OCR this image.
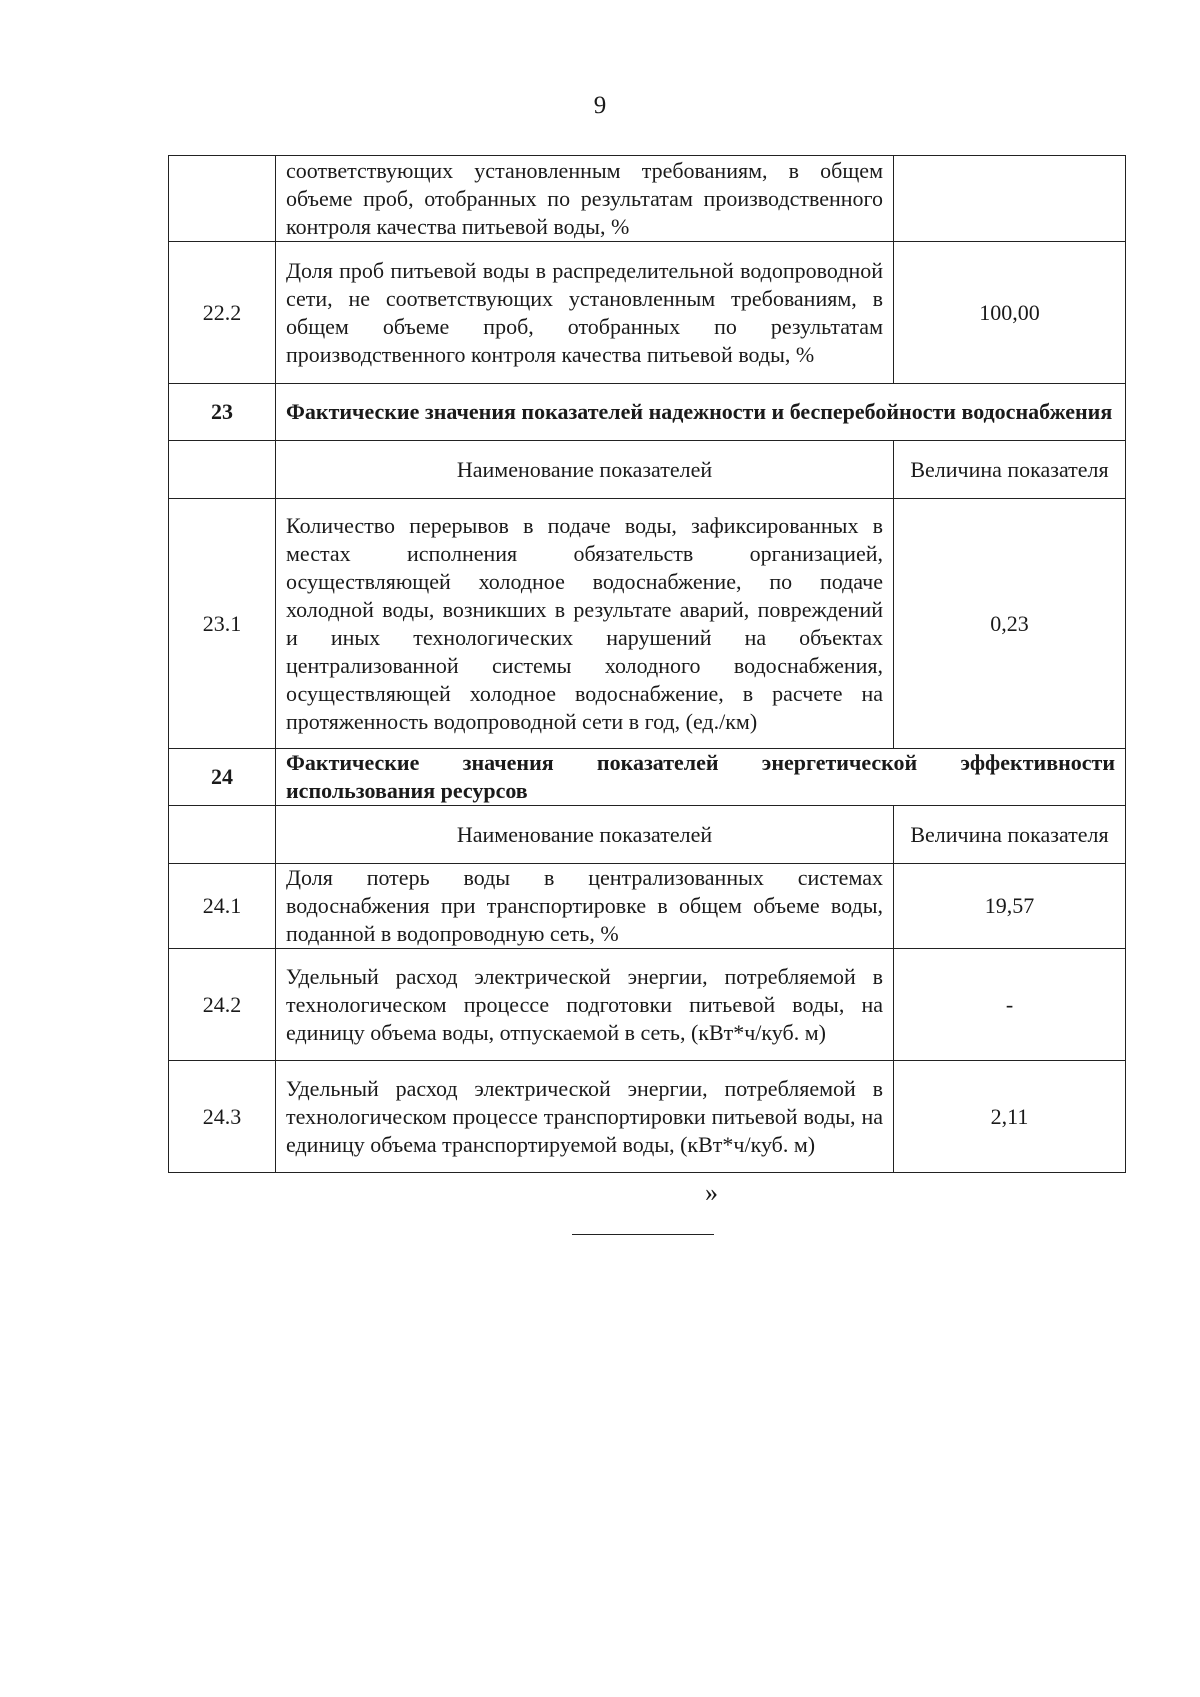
9
	соответствующих установленным требованиям, в общем объеме проб, отобранных по результатам производственного контроля качества питьевой воды, %	
22.2	Доля проб питьевой воды в распределительной водопроводной сети, не соответствующих установленным требованиям, в общем объеме проб, отобранных по результатам производственного контроля качества питьевой воды, %	100,00
23	Фактические значения показателей надежности и бесперебойности водоснабжения	
	Наименование показателей	Величина показателя
23.1	Количество перерывов в подаче воды, зафиксированных в местах исполнения обязательств организацией, осуществляющей холодное водоснабжение, по подаче холодной воды, возникших в результате аварий, повреждений и иных технологических нарушений на объектах централизованной системы холодного водоснабжения, осуществляющей холодное водоснабжение, в расчете на протяженность водопроводной сети в год, (ед./км)	0,23
24	Фактические значения показателей энергетической эффективности использования ресурсов	
	Наименование показателей	Величина показателя
24.1	Доля потерь воды в централизованных системах водоснабжения при транспортировке в общем объеме воды, поданной в водопроводную сеть, %	19,57
24.2	Удельный расход электрической энергии, потребляемой в технологическом процессе подготовки питьевой воды, на единицу объема воды, отпускаемой в сеть, (кВт*ч/куб. м)	-
24.3	Удельный расход электрической энергии, потребляемой в технологическом процессе транспортировки питьевой воды, на единицу объема транспортируемой воды, (кВт*ч/куб. м)	2,11
»
